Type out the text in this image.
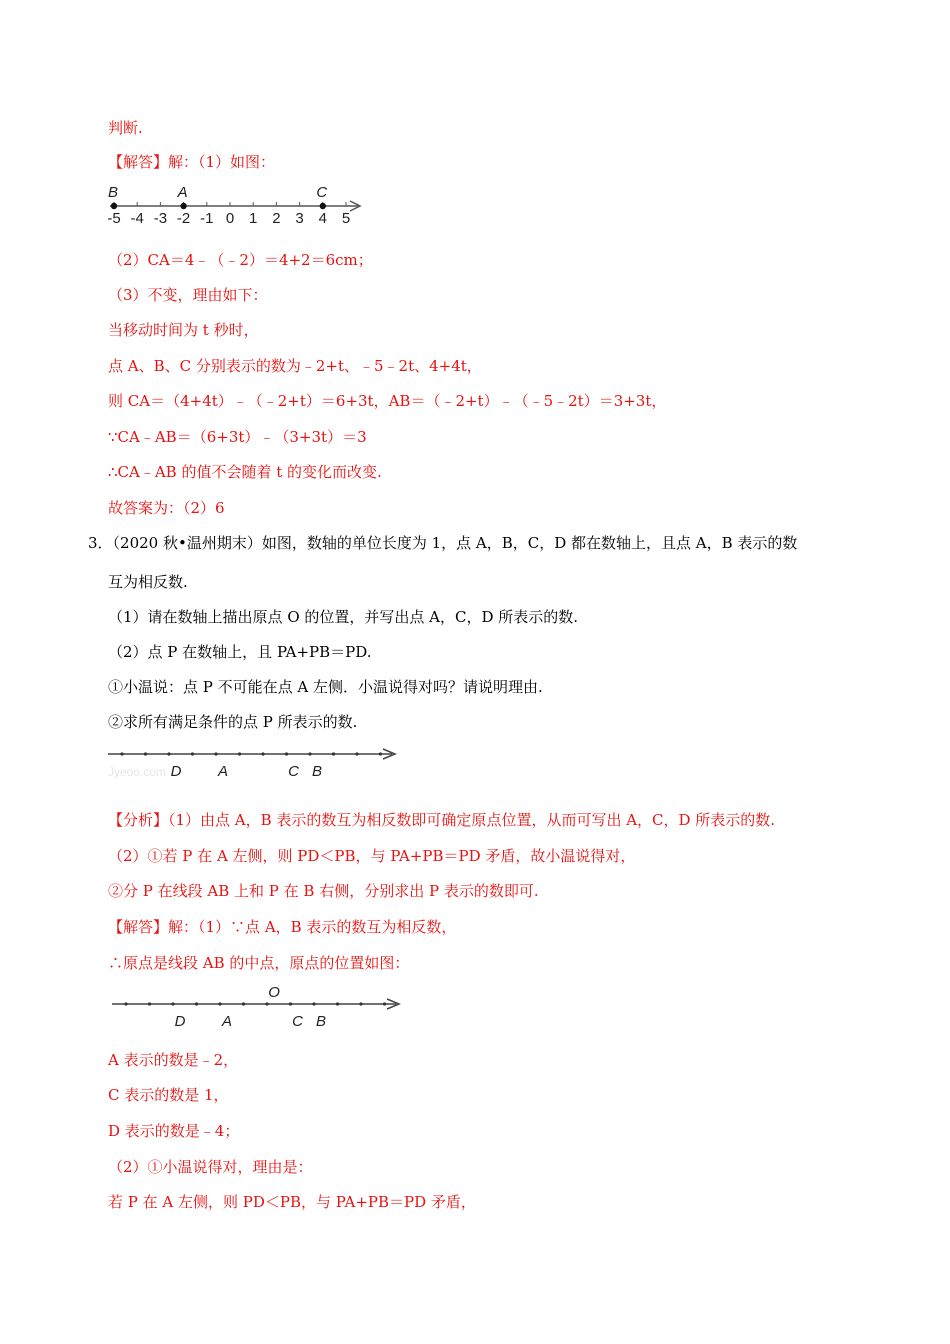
判断.
【解答】解：（1）如图：
-5 -4 -3 -2 -1 0 1 2 3 4 5
B	A	C
（2）CA＝4﹣（﹣2）＝4+2＝6cm；
（3）不变，理由如下：
当移动时间为 t 秒时，
点 A、B、C 分别表示的数为﹣2+t、﹣5﹣2t、4+4t，
则 CA＝（4+4t）﹣（﹣2+t）＝6+3t，AB＝（﹣2+t）﹣（﹣5﹣2t）＝3+3t，
∵CA﹣AB＝（6+3t）﹣（3+3t）＝3
∴CA﹣AB 的值不会随着 t 的变化而改变.
故答案为：（2）6
3．（2020 秋•温州期末）如图，数轴的单位长度为 1，点 A，B，C，D 都在数轴上，且点 A，B 表示的数
互为相反数.
（1）请在数轴上描出原点 O 的位置，并写出点 A，C，D 所表示的数.
（2）点 P 在数轴上，且 PA+PB＝PD.
①小温说：点 P 不可能在点 A 左侧．小温说得对吗？请说明理由.
②求所有满足条件的点 P 所表示的数.
Jyeoo.com D A	C B
【分析】（1）由点 A，B 表示的数互为相反数即可确定原点位置，从而可写出 A，C，D 所表示的数.
（2）①若 P 在 A 左侧，则 PD＜PB，与 PA+PB＝PD 矛盾，故小温说得对，
②分 P 在线段 AB 上和 P 在 B 右侧，分别求出 P 表示的数即可.
【解答】解：（1）∵点 A，B 表示的数互为相反数，
∴原点是线段 AB 的中点，原点的位置如图：
D A
O
C B
A 表示的数是﹣2，
C 表示的数是 1，
D 表示的数是﹣4；
（2）①小温说得对，理由是：
若 P 在 A 左侧，则 PD＜PB，与 PA+PB＝PD 矛盾，
